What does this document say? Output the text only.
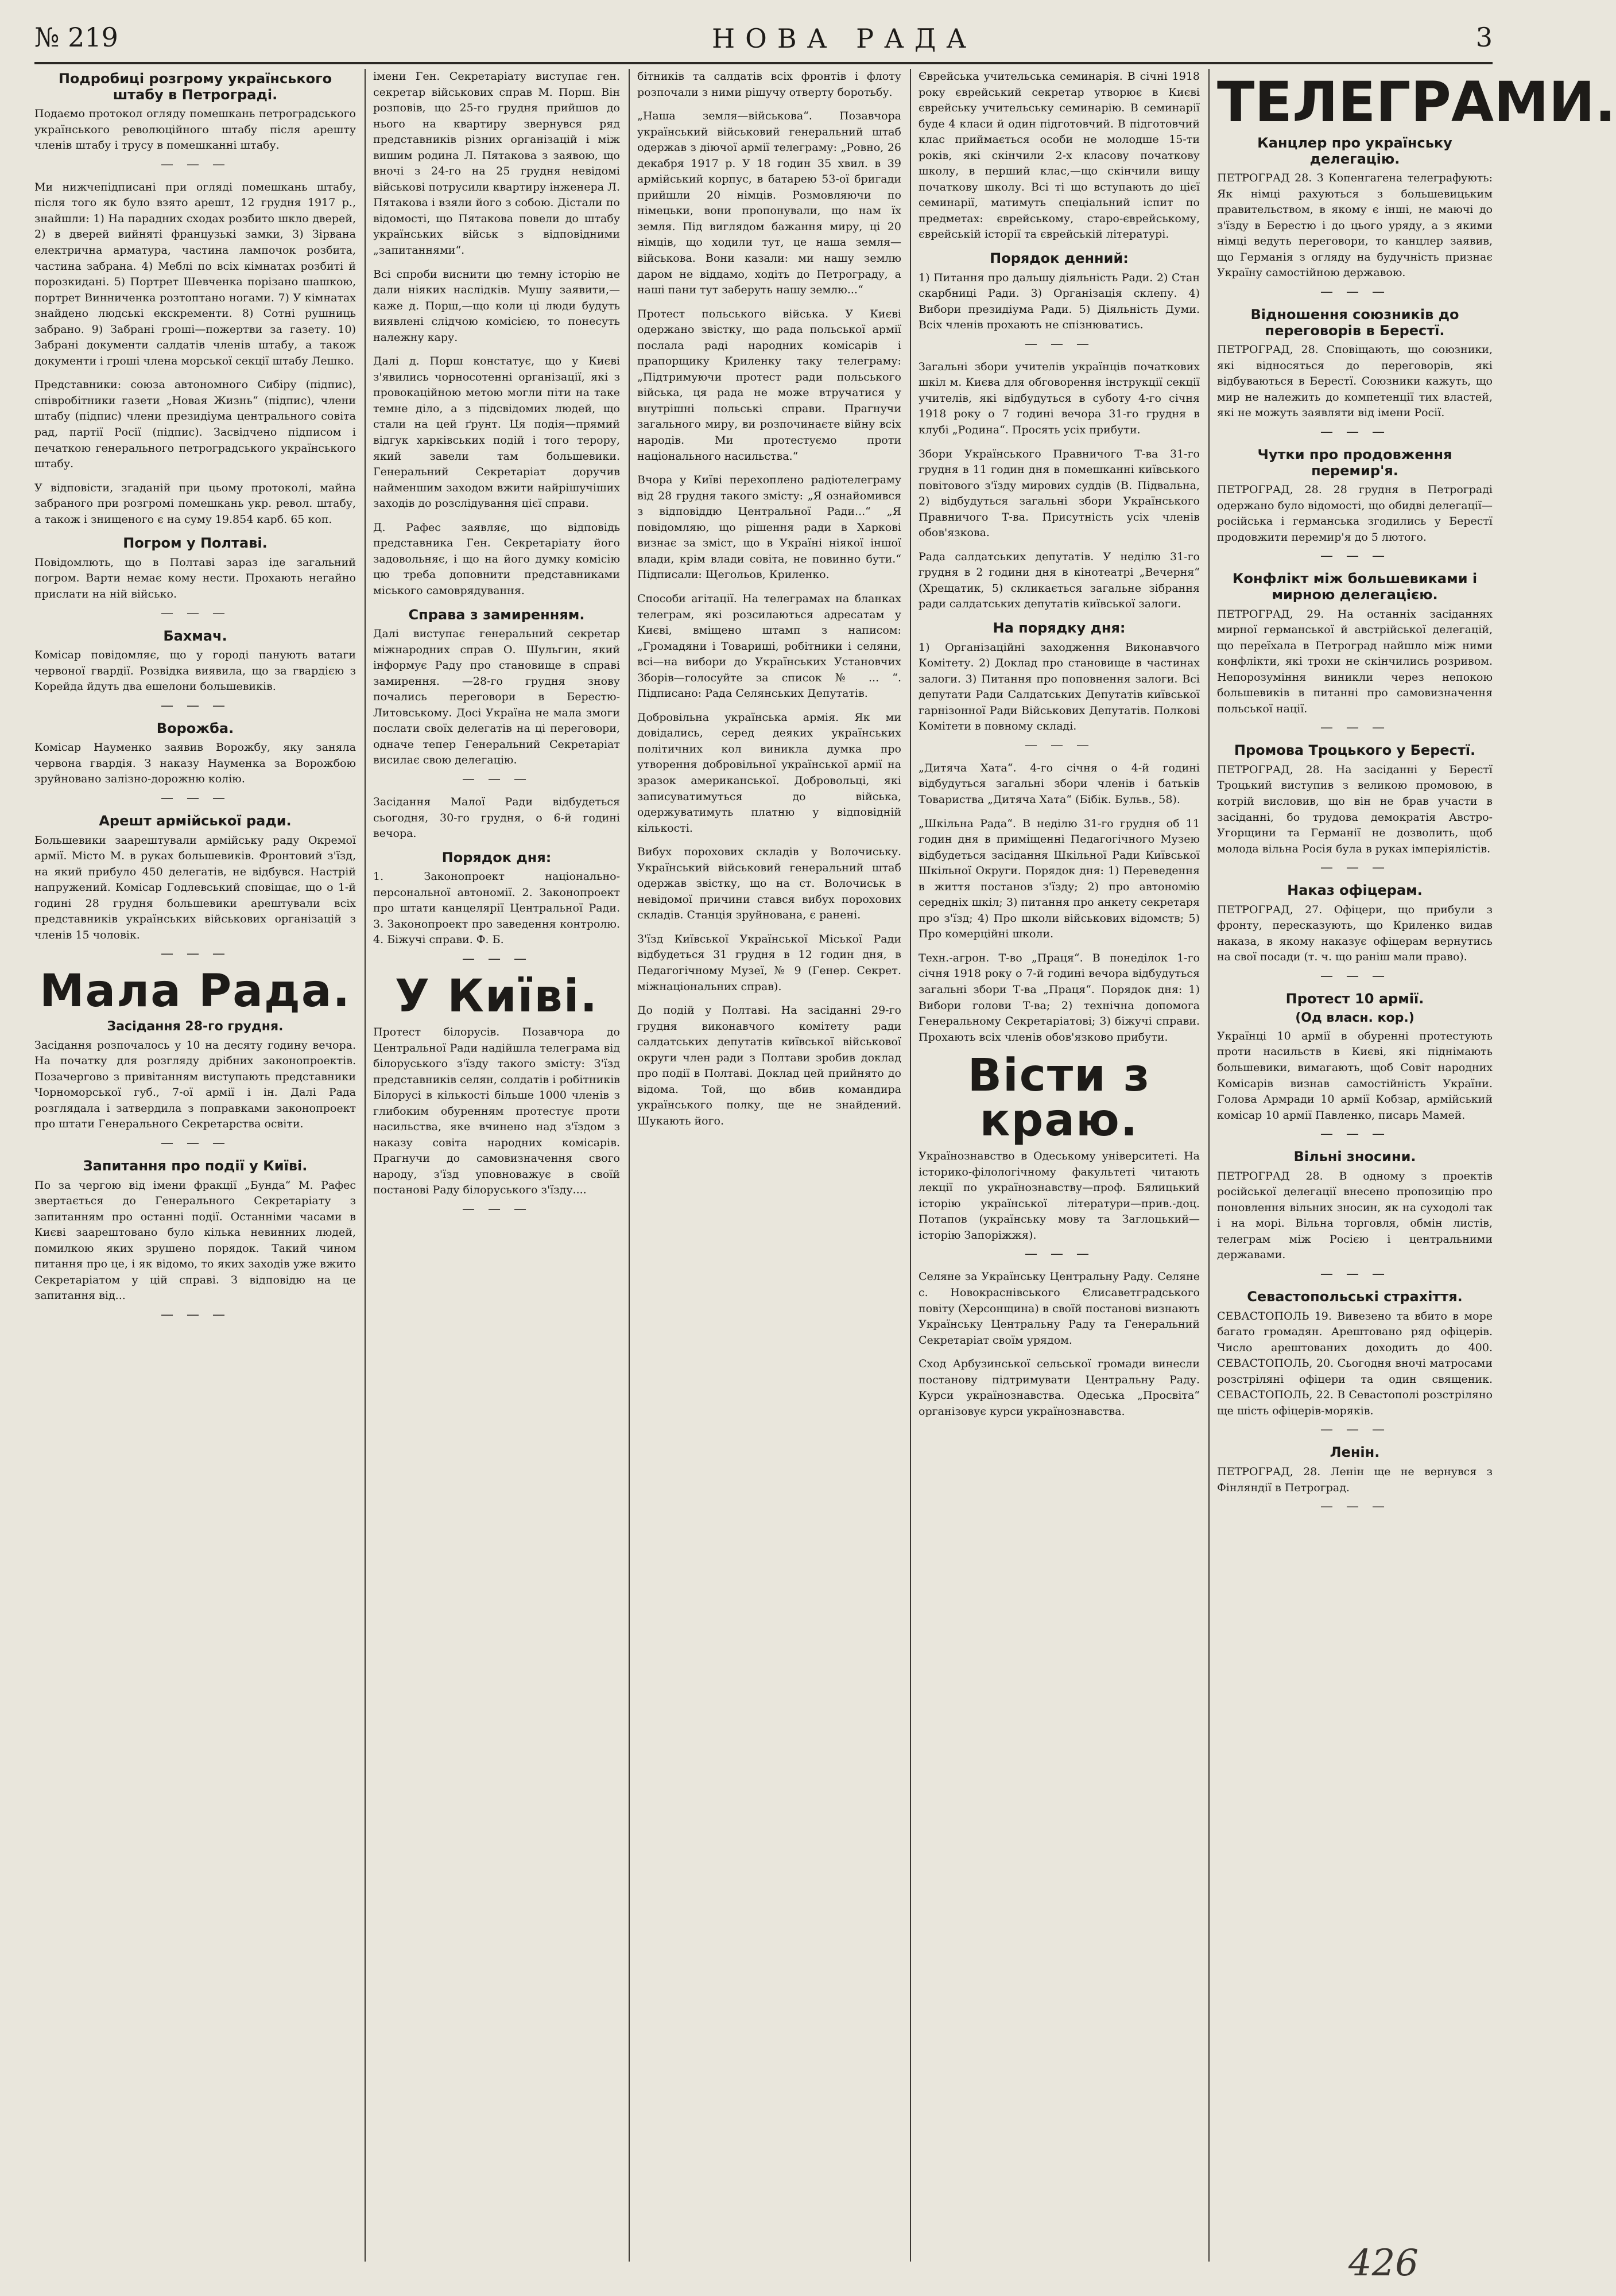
№ 219	НОВА РАДА	3
Подробиці розгрому українського штабу в Петрограді.
Подаємо протокол огляду помешкань петроградського українського революційного штабу після арешту членів штабу і трусу в помешканні штабу.
— — —
Ми нижчепідписані при огляді помешкань штабу, після того як було взято арешт, 12 грудня 1917 р., знайшли: 1) На парадних сходах розбито шкло дверей, 2) в дверей вийняті французькі замки, 3) Зірвана електрична арматура, частина лампочок розбита, частина забрана. 4) Меблі по всіх кімнатах розбиті й порозкидані. 5) Портрет Шевченка порізано шашкою, портрет Винниченка розтоптано ногами. 7) У кімнатах знайдено людські екскременти. 8) Сотні рушниць забрано. 9) Забрані гроші—пожертви за газету. 10) Забрані документи салдатів членів штабу, а також документи і гроші члена морської секції штабу Лешко.
Представники: союза автономного Сибіру (підпис), співробітники газети „Новая Жизнь“ (підпис), члени штабу (підпис) члени президіума центрального совіта рад, партії Росії (підпис). Засвідчено підписом і печаткою генерального петроградського українського штабу.
У відповісти, згаданій при цьому протоколі, майна забраного при розгромі помешкань укр. револ. штабу, а також і знищеного є на суму 19.854 карб. 65 коп.
Погром у Полтаві.
Повідомлють, що в Полтаві зараз іде загальний погром. Варти немає кому нести. Прохають негайно прислати на ній військо.
— — —
Бахмач.
Комісар повідомляє, що у городі панують ватаги червоної гвардії. Розвідка виявила, що за гвардією з Корейда йдуть два ешелони большевиків.
— — —
Ворожба.
Комісар Науменко заявив Ворожбу, яку заняла червона гвардія. З наказу Науменка за Ворожбою зруйновано залізно-дорожню колію.
— — —
Арешт армійської ради.
Большевики заарештували армійську раду Окремої армії. Місто М. в руках большевиків. Фронтовий з'їзд, на який прибуло 450 делегатів, не відбувся. Настрій напружений. Комісар Годлевський сповіщає, що о 1-й годині 28 грудня большевики арештували всіх представників українських військових організацій з членів 15 чоловік.
— — —
Мала Рада.
Засідання 28-го грудня.
Засідання розпочалось у 10 на десяту годину вечора. На початку для розгляду дрібних законопроектів. Позачергово з привітанням виступають представники Чорноморської губ., 7-ої армії і ін. Далі Рада розглядала і затвердила з поправками законопроект про штати Генерального Секретарства освіти.
— — —
Запитання про події у Київі.
По за чергою від імени фракції „Бунда“ М. Рафес звертається до Генерального Секретаріату з запитанням про останні події. Останніми часами в Києві заарештовано було кілька невинних людей, помилкою яких зрушено порядок. Такий чином питання про це, і як відомо, то яких заходів уже вжито Секретаріатом у цій справі. З відповідю на це запитання від...
— — —
імени Ген. Секретаріату виступає ген. секретар військових справ М. Порш. Він розповів, що 25-го грудня прийшов до нього на квартиру звернувся ряд представників різних організацій і між вишим родина Л. Пятакова з заявою, що вночі з 24-го на 25 грудня невідомі військові потрусили квартиру інженера Л. Пятакова і взяли його з собою. Дістали по відомості, що Пятакова повели до штабу українських військ з відповідними „запитаннями“.
Всі спроби виснити цю темну історію не дали ніяких наслідків. Мушу заявити,—каже д. Порш,—що коли ці люди будуть виявлені слідчою комісією, то понесуть належну кару.
Далі д. Порш констатує, що у Києві з'явились чорносотенні організації, які з провокаційною метою могли піти на таке темне діло, а з підсвідомих людей, що стали на цей ґрунт. Ця подія—прямий відгук харківських подій і того терору, який завели там большевики. Генеральний Секретаріат доручив найменшим заходом вжити найрішучіших заходів до розслідування цієї справи.
Д. Рафес заявляє, що відповідь представника Ген. Секретаріату його задовольняє, і що на його думку комісію цю треба доповнити представниками міського самоврядування.
Справа з замиренням.
Далі виступає генеральний секретар міжнародних справ О. Шульгин, який інформує Раду про становище в справі замирення. —28-го грудня знову почались переговори в Берестю-Литовському. Досі Україна не мала змоги послати своїх делегатів на ці переговори, одначе тепер Генеральний Секретаріат висилає свою делегацію.
— — —
Засідання Малої Ради відбудеться сьогодня, 30-го грудня, о 6-й годині вечора.
Порядок дня:
1. Законопроект національно-персональної автономії. 2. Законопроект про штати канцелярії Центральної Ради. 3. Законопроект про заведення контролю. 4. Біжучі справи. Ф. Б.
— — —
У Київі.
Протест білорусів. Позавчора до Центральної Ради надійшла телеграма від білоруського з'їзду такого змісту: З'їзд представників селян, солдатів і робітників Білорусі в кількості більше 1000 членів з глибоким обуренням протестує проти насильства, яке вчинено над з'їздом з наказу совіта народних комісарів. Прагнучи до самовизначення свого народу, з'їзд уповноважує в своїй постанові Раду білоруського з'їзду....
— — —
бітників та салдатів всіх фронтів і флоту розпочали з ними рішучу отверту боротьбу.
„Наша земля—військова“. Позавчора український військовий генеральний штаб одержав з діючої армії телеграму: „Ровно, 26 декабря 1917 р. У 18 годин 35 хвил. в 39 армійський корпус, в батарею 53-ої бригади прийшли 20 німців. Розмовляючи по німецьки, вони пропонували, що нам їх земля. Під виглядом бажання миру, ці 20 німців, що ходили тут, це наша земля—військова. Вони казали: ми нашу землю даром не віддамо, ходіть до Петрограду, а наші пани тут заберуть нашу землю...“
Протест польського війська. У Києві одержано звістку, що рада польської армії послала раді народних комісарів і прапорщику Криленку таку телеграму: „Підтримуючи протест ради польського війська, ця рада не може втручатися у внутрішні польські справи. Прагнучи загального миру, ви розпочинаєте війну всіх народів. Ми протестуємо проти національного насильства.“
Вчора у Київі перехоплено радіотелеграму від 28 грудня такого змісту: „Я ознайомився з відповіддю Центральної Ради...“ „Я повідомляю, що рішення ради в Харкові визнає за зміст, що в Україні ніякої іншої влади, крім влади совіта, не повинно бути.“ Підписали: Щегольов, Криленко.
Способи агітації. На телеграмах на бланках телеграм, які розсилаються адресатам у Києві, вміщено штамп з написом: „Громадяни і Товариші, робітники і селяни, всі—на вибори до Українських Установчих Зборів—голосуйте за список № ... “. Підписано: Рада Селянських Депутатів.
Добровільна українська армія. Як ми довідались, серед деяких українських політичних кол виникла думка про утворення добровільної української армії на зразок американської. Добровольці, які записуватимуться до війська, одержуватимуть платню у відповідній кількості.
Вибух порохових складів у Волочиську. Український військовий генеральний штаб одержав звістку, що на ст. Волочиськ в невідомої причини стався вибух порохових складів. Станція зруйнована, є ранені.
З'їзд Київської Української Міської Ради відбудеться 31 грудня в 12 годин дня, в Педагогічному Музеї, № 9 (Генер. Секрет. міжнаціональних справ).
До подій у Полтаві. На засіданні 29-го грудня виконавчого комітету ради салдатських депутатів київської військової округи член ради з Полтави зробив доклад про події в Полтаві. Доклад цей прийнято до відома. Той, що вбив командира українського полку, ще не знайдений. Шукають його.
Єврейська учительська семинарія. В січні 1918 року єврейський секретар утворює в Києві єврейську учительську семинарію. В семинарії буде 4 класи й один підготовчий. В підготовчий клас приймається особи не молодше 15-ти років, які скінчили 2-х класову початкову школу, в перший клас,—що скінчили вищу початкову школу. Всі ті що вступають до цієї семинарії, матимуть спеціальний іспит по предметах: єврейському, старо-єврейському, єврейській історії та єврейській літературі.
Порядок денний:
1) Питання про дальшу діяльність Ради. 2) Стан скарбниці Ради. 3) Організація склепу. 4) Вибори президіума Ради. 5) Діяльність Думи. Всіх членів прохають не спізнюватись.
— — —
Загальні збори учителів українців початкових шкіл м. Києва для обговорення інструкції секції учителів, які відбудуться в суботу 4-го січня 1918 року о 7 годині вечора 31-го грудня в клубі „Родина“. Просять усіх прибути.
Збори Українського Правничого Т-ва 31-го грудня в 11 годин дня в помешканні київського повітового з'їзду мирових суддів (В. Підвальна, 2) відбудуться загальні збори Українського Правничого Т-ва. Присутність усіх членів обов'язкова.
Рада салдатських депутатів. У неділю 31-го грудня в 2 години дня в кінотеатрі „Вечерня“ (Хрещатик, 5) скликається загальне зібрання ради салдатських депутатів київської залоги.
На порядку дня:
1) Організаційні заходження Виконавчого Комітету. 2) Доклад про становище в частинах залоги. 3) Питання про поповнення залоги. Всі депутати Ради Салдатських Депутатів київської гарнізонної Ради Військових Депутатів. Полкові Комітети в повному складі.
— — —
„Дитяча Хата“. 4-го січня о 4-й годині відбудуться загальні збори членів і батьків Товариства „Дитяча Хата“ (Бібік. Бульв., 58).
„Шкільна Рада“. В неділю 31-го грудня об 11 годин дня в приміщенні Педагогічного Музею відбудеться засідання Шкільної Ради Київської Шкільної Округи. Порядок дня: 1) Переведення в життя постанов з'їзду; 2) про автономію середніх шкіл; 3) питання про анкету секретаря про з'їзд; 4) Про школи військових відомств; 5) Про комерційні школи.
Техн.-агрон. Т-во „Праця“. В понеділок 1-го січня 1918 року о 7-й годині вечора відбудуться загальні збори Т-ва „Праця“. Порядок дня: 1) Вибори голови Т-ва; 2) технічна допомога Генеральному Секретаріатові; 3) біжучі справи. Прохають всіх членів обов'язково прибути.
Вісти з краю.
Українознавство в Одеському університеті. На історико-філологічному факультеті читають лекції по українознавству—проф. Бялицький історію української літератури—прив.-доц. Потапов (українську мову та Заглоцький—історію Запоріжжя).
— — —
Селяне за Українську Центральну Раду. Селяне с. Новокраснівського Єлисаветградського повіту (Херсонщина) в своїй постанові визнають Українську Центральну Раду та Генеральний Секретаріат своїм урядом.
Сход Арбузинської сельської громади винесли постанову підтримувати Центральну Раду. Курси українознавства. Одеська „Просвіта“ організовує курси українознавства.
ТЕЛЕГРАМИ.
Канцлер про українську делегацію.
ПЕТРОГРАД 28. З Копенгагена телеграфують: Як німці рахуються з большевицьким правительством, в якому є інші, не маючі до з'їзду в Берестю і до цього уряду, а з якими німці ведуть переговори, то канцлер заявив, що Германія з огляду на будучність признає Україну самостійною державою.
— — —
Відношення союзників до переговорів в Берестї.
ПЕТРОГРАД, 28. Сповіщають, що союзники, які відносяться до переговорів, які відбуваються в Берестї. Союзники кажуть, що мир не належить до компетенції тих властей, які не можуть заявляти від імени Росії.
— — —
Чутки про продовження перемир'я.
ПЕТРОГРАД, 28. 28 грудня в Петрограді одержано було відомості, що обидві делегації—російська і германська згодились у Берестї продовжити перемир'я до 5 лютого.
— — —
Конфлікт між большевиками і мирною делегацією.
ПЕТРОГРАД, 29. На останніх засіданнях мирної германської й австрійської делегацій, що переїхала в Петроград найшло між ними конфлікти, які трохи не скінчились розривом. Непорозуміння виникли через непокою большевиків в питанні про самовизначення польської нації.
— — —
Промова Троцького у Берестї.
ПЕТРОГРАД, 28. На засіданні у Берестї Троцький виступив з великою промовою, в котрій висловив, що він не брав участи в засіданні, бо трудова демократія Австро-Угорщини та Германії не дозволить, щоб молода вільна Росія була в руках імперіялістів.
— — —
Наказ офіцерам.
ПЕТРОГРАД, 27. Офіцери, що прибули з фронту, пересказують, що Криленко видав наказа, в якому наказує офіцерам вернутись на свої посади (т. ч. що раніш мали право).
— — —
Протест 10 армії.
(Од власн. кор.)
Українці 10 армії в обуренні протестують проти насильств в Києві, які піднімають большевики, вимагають, щоб Совіт народних Комісарів визнав самостійність України. Голова Армради 10 армії Кобзар, армійський комісар 10 армії Павленко, писарь Мамей.
— — —
Вільні зносини.
ПЕТРОГРАД 28. В одному з проектів російської делегації внесено пропозицію про поновлення вільних зносин, як на суходолі так і на морі. Вільна торговля, обмін листів, телеграм між Росією і центральними державами.
— — —
Севастопольські страхіття.
СЕВАСТОПОЛЬ 19. Вивезено та вбито в море багато громадян. Арештовано ряд офіцерів. Число арештованих доходить до 400. СЕВАСТОПОЛЬ, 20. Сьогодня вночі матросами розстріляні офіцери та один священик. СЕВАСТОПОЛЬ, 22. В Севастополі розстріляно ще шість офіцерів-моряків.
— — —
Ленін.
ПЕТРОГРАД, 28. Ленін ще не вернувся з Фінляндії в Петроград.
— — —
426
